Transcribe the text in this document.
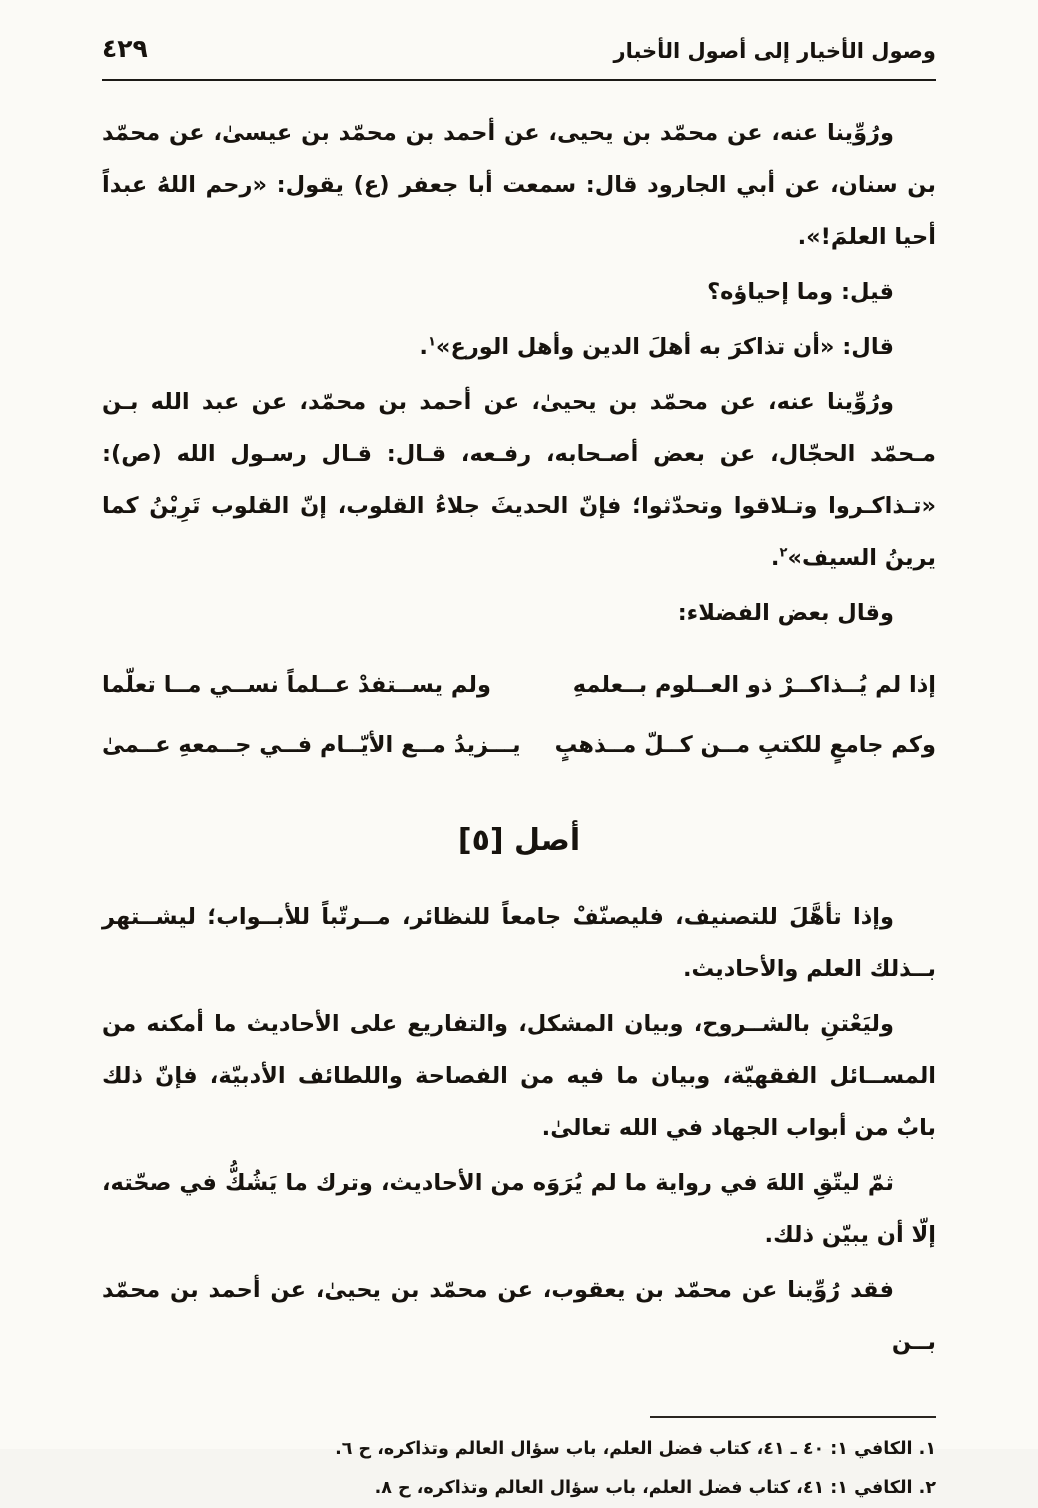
وصول الأخيار إلى أصول الأخبار
٤٢٩

ورُوِّينا عنه، عن محمّد بن يحيى، عن أحمد بن محمّد بن عيسىٰ، عن محمّد بن سنان، عن أبي الجارود قال: سمعت أبا جعفر (ع) يقول: «رحم اللهُ عبداً أحيا العلمَ!».

قيل: وما إحياؤه؟

قال: «أن تذاكرَ به أهلَ الدين وأهل الورع»$^١$.

ورُوِّينا عنه، عن محمّد بن يحيىٰ، عن أحمد بن محمّد، عن عبد الله بـن مـحمّد الحجّال، عن بعض أصـحابه، رفـعه، قـال: قـال رسـول الله (ص): «تـذاكـروا وتـلاقوا وتحدّثوا؛ فإنّ الحديثَ جلاءُ القلوب، إنّ القلوب تَرِيْنُ كما يرينُ السيف»$^٢$.

وقال بعض الفضلاء:

إذا لم يُــذاكــرْ ذو العــلوم بــعلمهِ
ولم يســتفدْ عــلماً نســي مــا تعلّما
وكم جامعٍ للكتبِ مــن كــلّ مــذهبٍ
يـــزيدُ مــع الأيّــام فــي جــمعهِ عــمىٰ
أصل [٥]

وإذا تأهَّلَ للتصنيف، فليصنّفْ جامعاً للنظائر، مــرتّباً للأبــواب؛ ليشــتهر بــذلك العلم والأحاديث.

وليَعْتنِ بالشــروح، وبيان المشكل، والتفاريع على الأحاديث ما أمكنه من المســائل الفقهيّة، وبيان ما فيه من الفصاحة واللطائف الأدبيّة، فإنّ ذلك بابٌ من أبواب الجهاد في الله تعالىٰ.

ثمّ ليتّقِ اللهَ في رواية ما لم يُرَوَه من الأحاديث، وترك ما يَشُكُّ في صحّته، إلّا أن يبيّن ذلك.

فقد رُوِّينا عن محمّد بن يعقوب، عن محمّد بن يحيىٰ، عن أحمد بن محمّد بــن

١. الكافي ١: ٤٠ ـ ٤١، كتاب فضل العلم، باب سؤال العالم وتذاكره، ح ٦.

٢. الكافي ١: ٤١، كتاب فضل العلم، باب سؤال العالم وتذاكره، ح ٨.
